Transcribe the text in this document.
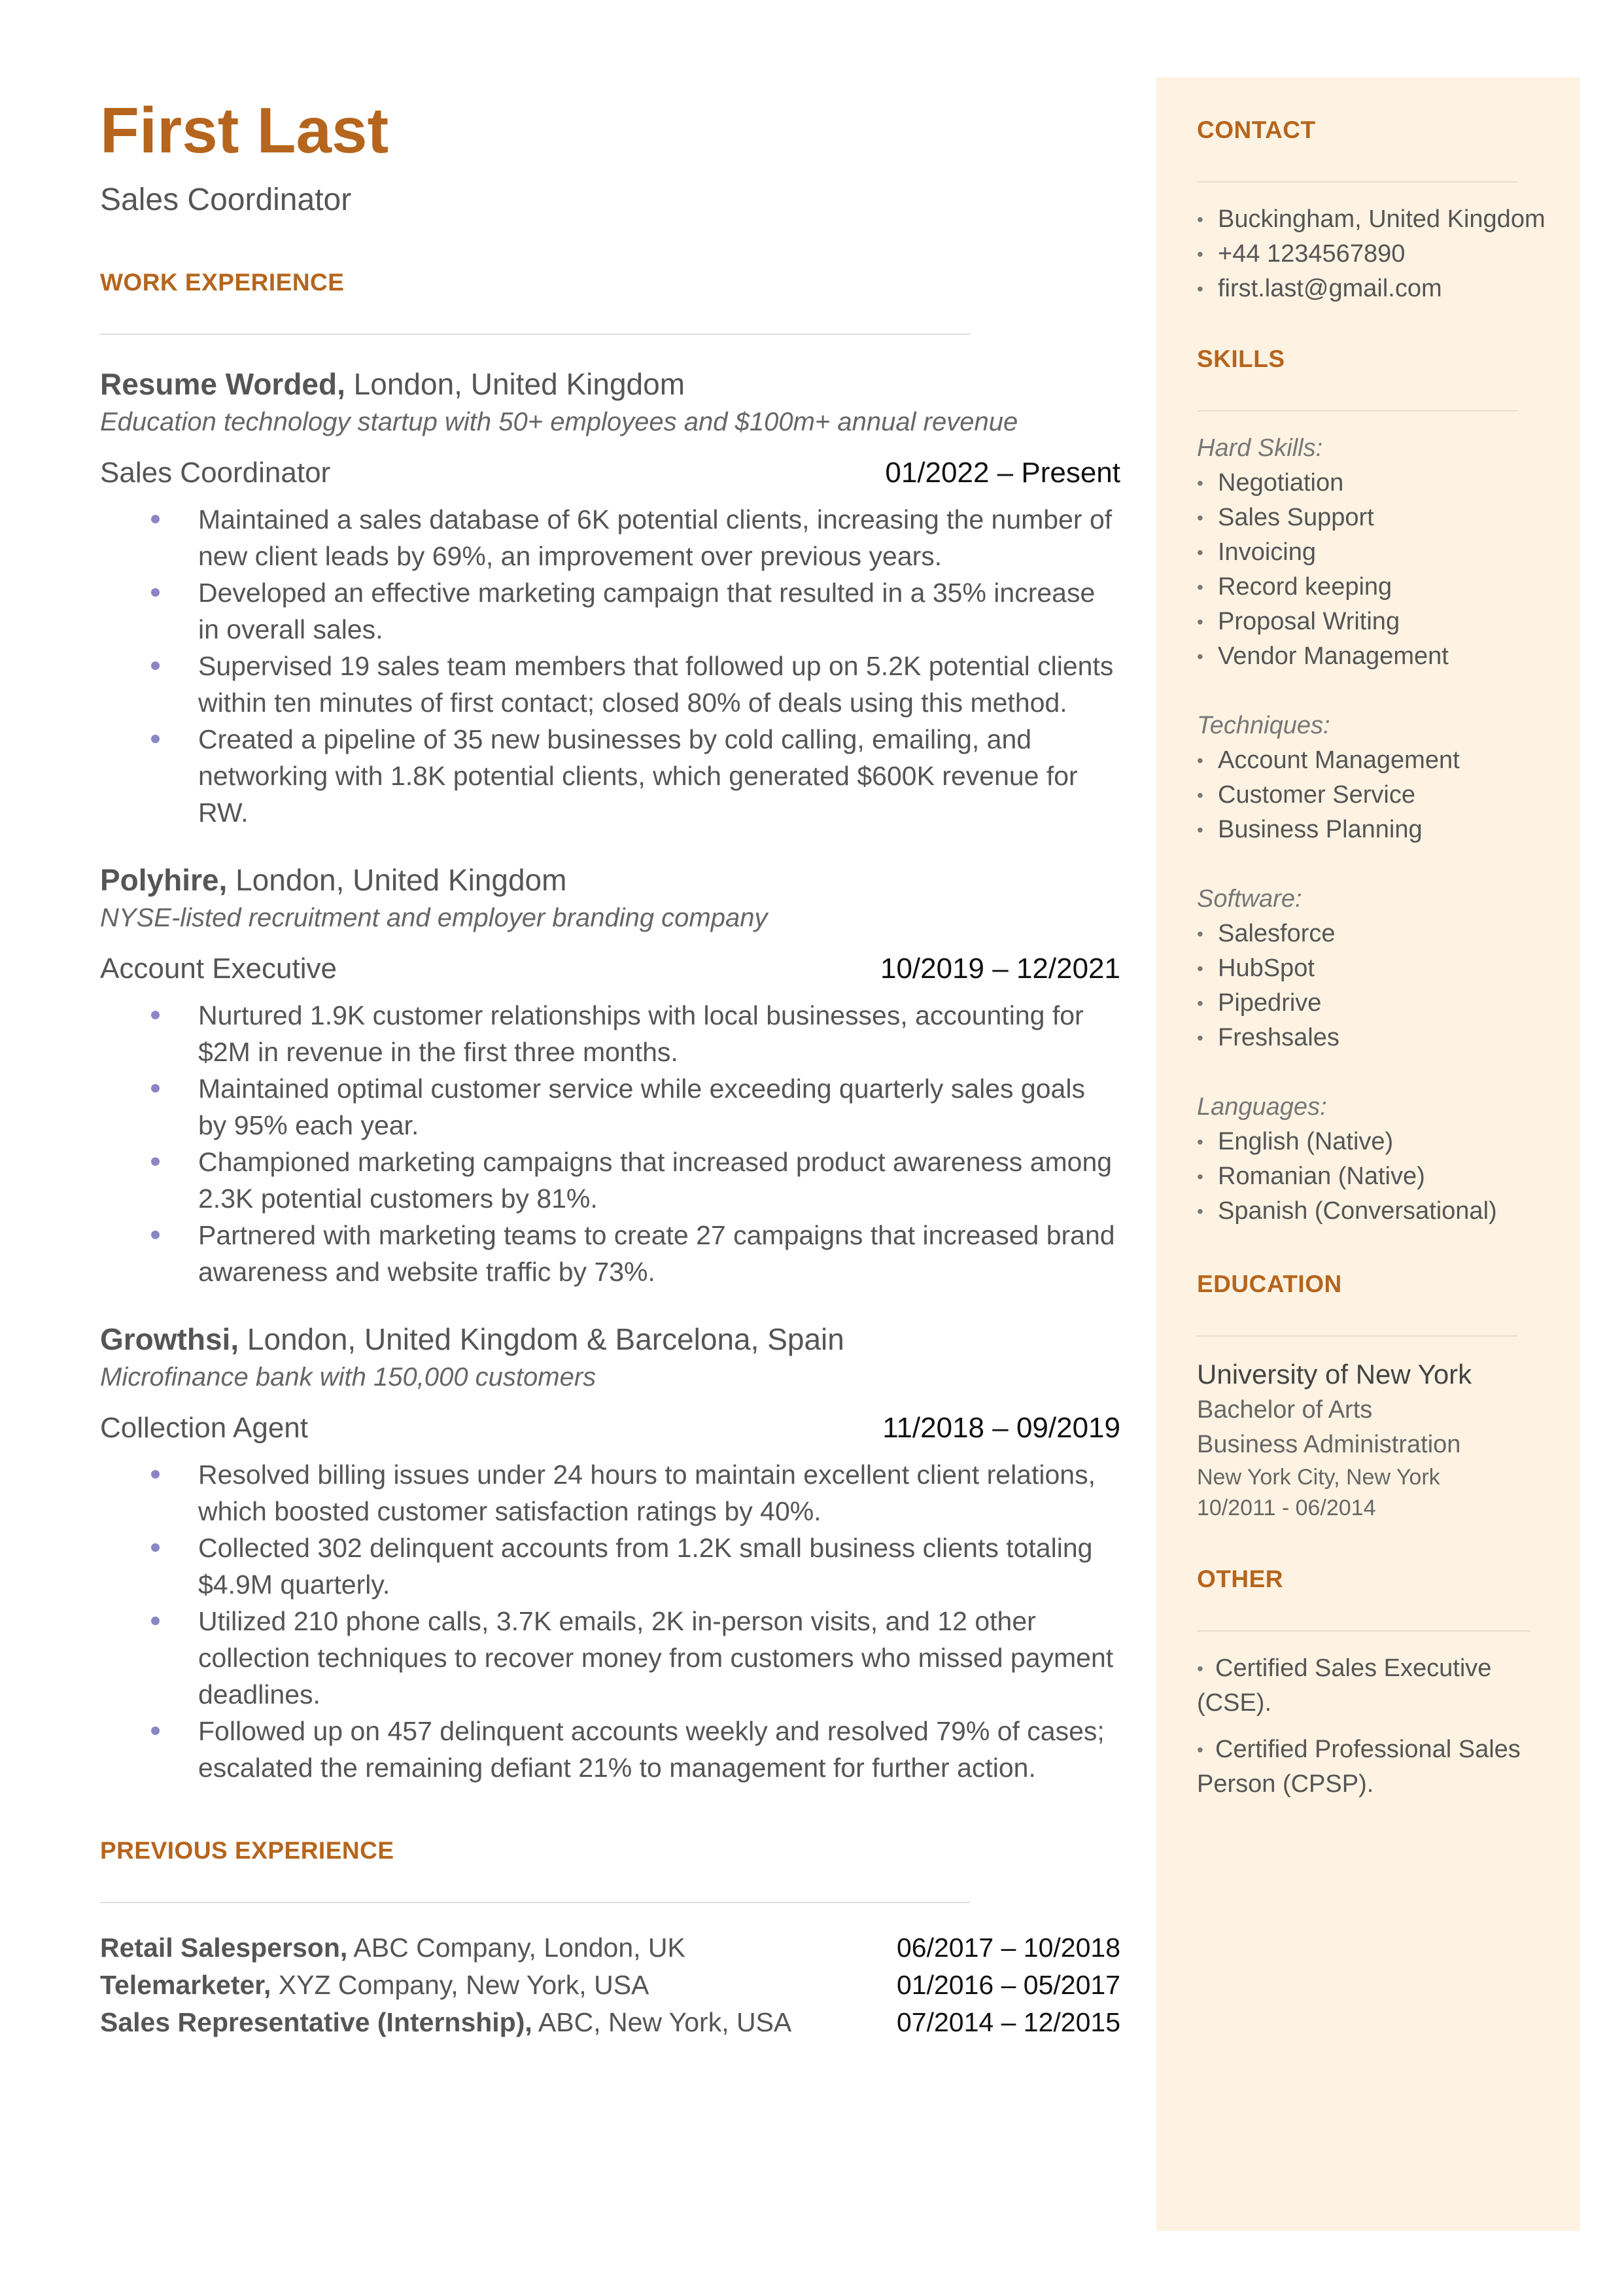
First Last
Sales Coordinator
WORK EXPERIENCE
Resume Worded, London, United Kingdom
Education technology startup with 50+ employees and $100m+ annual revenue
Sales Coordinator	01/2022 – Present
Maintained a sales database of 6K potential clients, increasing the number of new client leads by 69%, an improvement over previous years.
Developed an effective marketing campaign that resulted in a 35% increase in overall sales.
Supervised 19 sales team members that followed up on 5.2K potential clients within ten minutes of first contact; closed 80% of deals using this method.
Created a pipeline of 35 new businesses by cold calling, emailing, and networking with 1.8K potential clients, which generated $600K revenue for RW.
Polyhire, London, United Kingdom
NYSE-listed recruitment and employer branding company
Account Executive	10/2019 – 12/2021
Nurtured 1.9K customer relationships with local businesses, accounting for $2M in revenue in the first three months.
Maintained optimal customer service while exceeding quarterly sales goals by 95% each year.
Championed marketing campaigns that increased product awareness among 2.3K potential customers by 81%.
Partnered with marketing teams to create 27 campaigns that increased brand awareness and website traffic by 73%.
Growthsi, London, United Kingdom & Barcelona, Spain
Microfinance bank with 150,000 customers
Collection Agent	11/2018 – 09/2019
Resolved billing issues under 24 hours to maintain excellent client relations, which boosted customer satisfaction ratings by 40%.
Collected 302 delinquent accounts from 1.2K small business clients totaling $4.9M quarterly.
Utilized 210 phone calls, 3.7K emails, 2K in-person visits, and 12 other collection techniques to recover money from customers who missed payment deadlines.
Followed up on 457 delinquent accounts weekly and resolved 79% of cases; escalated the remaining defiant 21% to management for further action.
PREVIOUS EXPERIENCE
Retail Salesperson, ABC Company, London, UK	06/2017 – 10/2018
Telemarketer, XYZ Company, New York, USA	01/2016 – 05/2017
Sales Representative (Internship), ABC, New York, USA	07/2014 – 12/2015
CONTACT
• Buckingham, United Kingdom
• +44 1234567890
• first.last@gmail.com
SKILLS
Hard Skills:
• Negotiation
• Sales Support
• Invoicing
• Record keeping
• Proposal Writing
• Vendor Management
Techniques:
• Account Management
• Customer Service
• Business Planning
Software:
• Salesforce
• HubSpot
• Pipedrive
• Freshsales
Languages:
• English (Native)
• Romanian (Native)
• Spanish (Conversational)
EDUCATION
University of New York
Bachelor of Arts
Business Administration
New York City, New York
10/2011 - 06/2014
OTHER
• Certified Sales Executive (CSE).
• Certified Professional Sales Person (CPSP).
